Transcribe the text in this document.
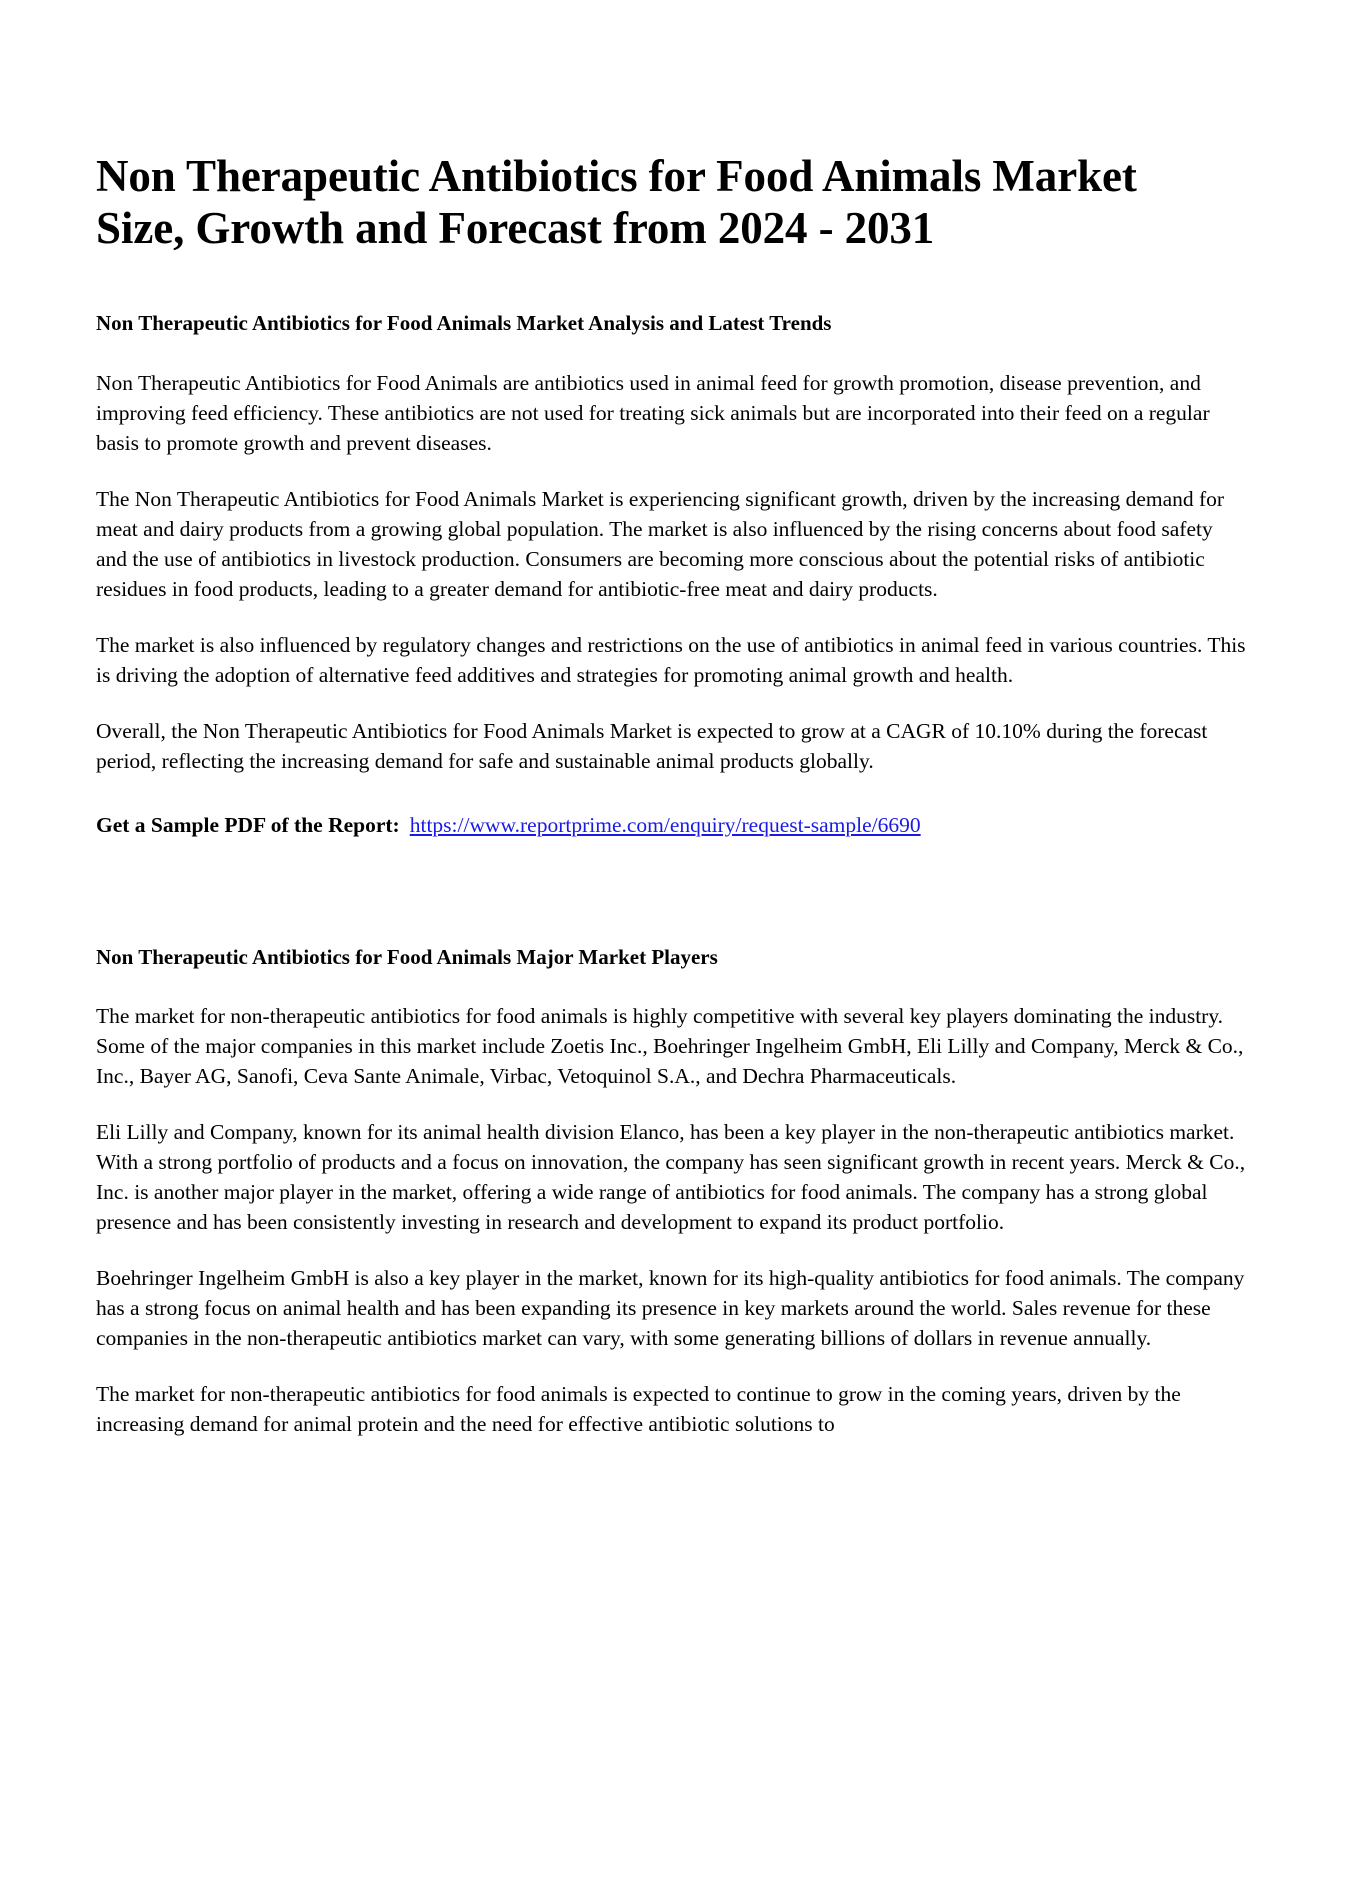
Non Therapeutic Antibiotics for Food Animals Market Size, Growth and Forecast from 2024 - 2031
Non Therapeutic Antibiotics for Food Animals Market Analysis and Latest Trends

Non Therapeutic Antibiotics for Food Animals are antibiotics used in animal feed for growth promotion, disease prevention, and improving feed efficiency. These antibiotics are not used for treating sick animals but are incorporated into their feed on a regular basis to promote growth and prevent diseases.

The Non Therapeutic Antibiotics for Food Animals Market is experiencing significant growth, driven by the increasing demand for meat and dairy products from a growing global population. The market is also influenced by the rising concerns about food safety and the use of antibiotics in livestock production. Consumers are becoming more conscious about the potential risks of antibiotic residues in food products, leading to a greater demand for antibiotic-free meat and dairy products.

The market is also influenced by regulatory changes and restrictions on the use of antibiotics in animal feed in various countries. This is driving the adoption of alternative feed additives and strategies for promoting animal growth and health.

Overall, the Non Therapeutic Antibiotics for Food Animals Market is expected to grow at a CAGR of 10.10% during the forecast period, reflecting the increasing demand for safe and sustainable animal products globally.

Get a Sample PDF of the Report: https://www.reportprime.com/enquiry/request-sample/6690
Non Therapeutic Antibiotics for Food Animals Major Market Players

The market for non-therapeutic antibiotics for food animals is highly competitive with several key players dominating the industry. Some of the major companies in this market include Zoetis Inc., Boehringer Ingelheim GmbH, Eli Lilly and Company, Merck & Co., Inc., Bayer AG, Sanofi, Ceva Sante Animale, Virbac, Vetoquinol S.A., and Dechra Pharmaceuticals.

Eli Lilly and Company, known for its animal health division Elanco, has been a key player in the non-therapeutic antibiotics market. With a strong portfolio of products and a focus on innovation, the company has seen significant growth in recent years. Merck & Co., Inc. is another major player in the market, offering a wide range of antibiotics for food animals. The company has a strong global presence and has been consistently investing in research and development to expand its product portfolio.

Boehringer Ingelheim GmbH is also a key player in the market, known for its high-quality antibiotics for food animals. The company has a strong focus on animal health and has been expanding its presence in key markets around the world. Sales revenue for these companies in the non-therapeutic antibiotics market can vary, with some generating billions of dollars in revenue annually.

The market for non-therapeutic antibiotics for food animals is expected to continue to grow in the coming years, driven by the increasing demand for animal protein and the need for effective antibiotic solutions to
